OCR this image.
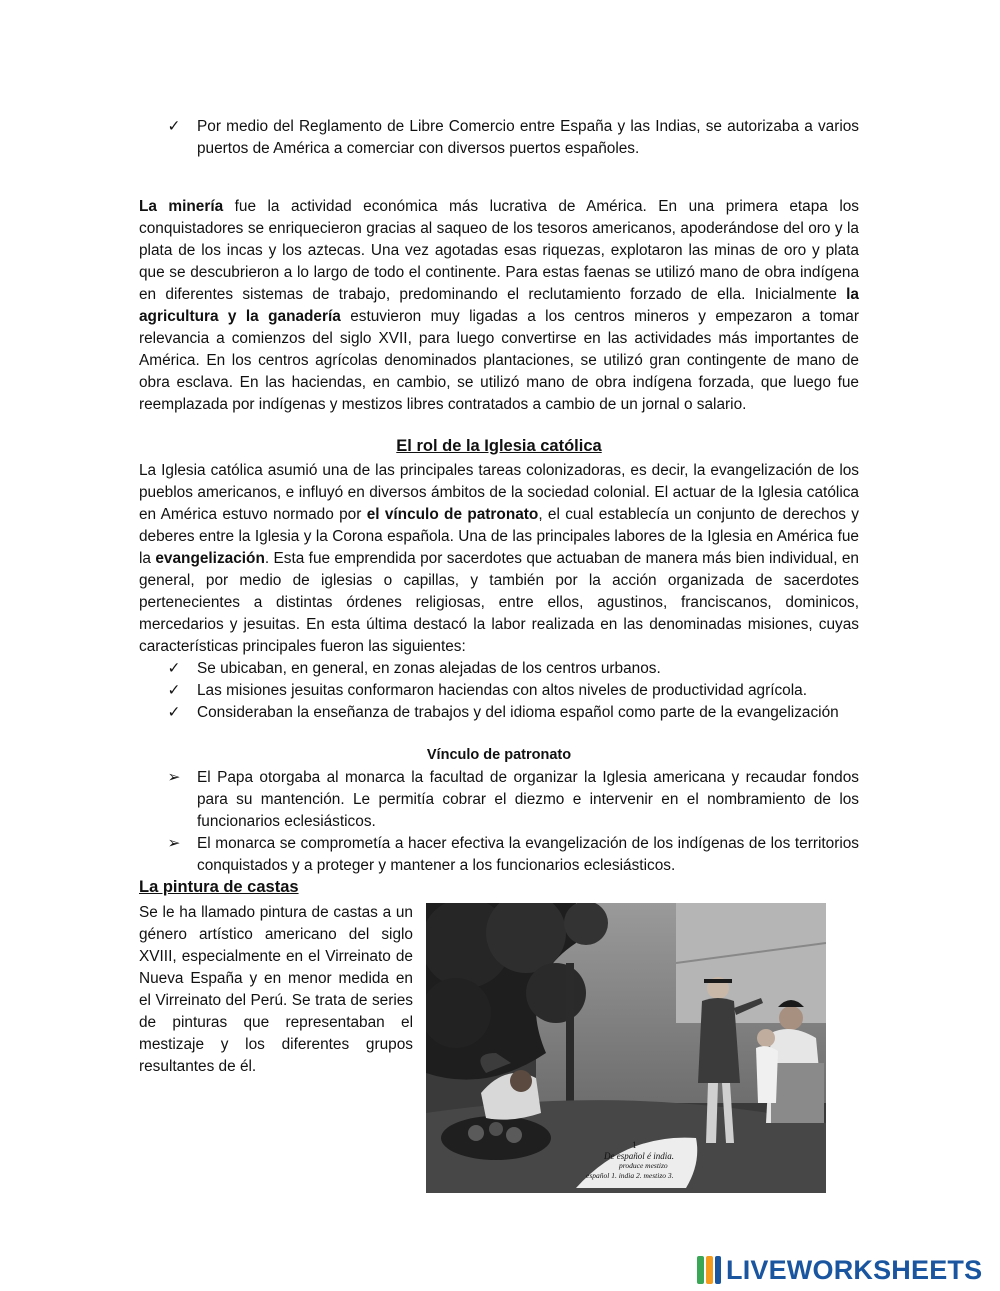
✓ Por medio del Reglamento de Libre Comercio entre España y las Indias, se autorizaba a varios puertos de América a comerciar con diversos puertos españoles.

La minería fue la actividad económica más lucrativa de América. En una primera etapa los conquistadores se enriquecieron gracias al saqueo de los tesoros americanos, apoderándose del oro y la plata de los incas y los aztecas. Una vez agotadas esas riquezas, explotaron las minas de oro y plata que se descubrieron a lo largo de todo el continente. Para estas faenas se utilizó mano de obra indígena en diferentes sistemas de trabajo, predominando el reclutamiento forzado de ella. Inicialmente la agricultura y la ganadería estuvieron muy ligadas a los centros mineros y empezaron a tomar relevancia a comienzos del siglo XVII, para luego convertirse en las actividades más importantes de América. En los centros agrícolas denominados plantaciones, se utilizó gran contingente de mano de obra esclava. En las haciendas, en cambio, se utilizó mano de obra indígena forzada, que luego fue reemplazada por indígenas y mestizos libres contratados a cambio de un jornal o salario.

El rol de la Iglesia católica

La Iglesia católica asumió una de las principales tareas colonizadoras, es decir, la evangelización de los pueblos americanos, e influyó en diversos ámbitos de la sociedad colonial. El actuar de la Iglesia católica en América estuvo normado por el vínculo de patronato, el cual establecía un conjunto de derechos y deberes entre la Iglesia y la Corona española. Una de las principales labores de la Iglesia en América fue la evangelización. Esta fue emprendida por sacerdotes que actuaban de manera más bien individual, en general, por medio de iglesias o capillas, y también por la acción organizada de sacerdotes pertenecientes a distintas órdenes religiosas, entre ellos, agustinos, franciscanos, dominicos, mercedarios y jesuitas. En esta última destacó la labor realizada en las denominadas misiones, cuyas características principales fueron las siguientes:

✓ Se ubicaban, en general, en zonas alejadas de los centros urbanos.
✓ Las misiones jesuitas conformaron haciendas con altos niveles de productividad agrícola.
✓ Consideraban la enseñanza de trabajos y del idioma español como parte de la evangelización
Vínculo de patronato
➢ El Papa otorgaba al monarca la facultad de organizar la Iglesia americana y recaudar fondos para su mantención. Le permitía cobrar el diezmo e intervenir en el nombramiento de los funcionarios eclesiásticos.
➢ El monarca se comprometía a hacer efectiva la evangelización de los indígenas de los territorios conquistados y a proteger y mantener a los funcionarios eclesiásticos.
La pintura de castas

Se le ha llamado pintura de castas a un género artístico americano del siglo XVIII, especialmente en el Virreinato de Nueva España y en menor medida en el Virreinato del Perú. Se trata de series de pinturas que representaban el mestizaje y los diferentes grupos resultantes de él.

1
De español é india.
produce mestizo
español 1. india 2. mestizo 3.
LIVEWORKSHEETS
